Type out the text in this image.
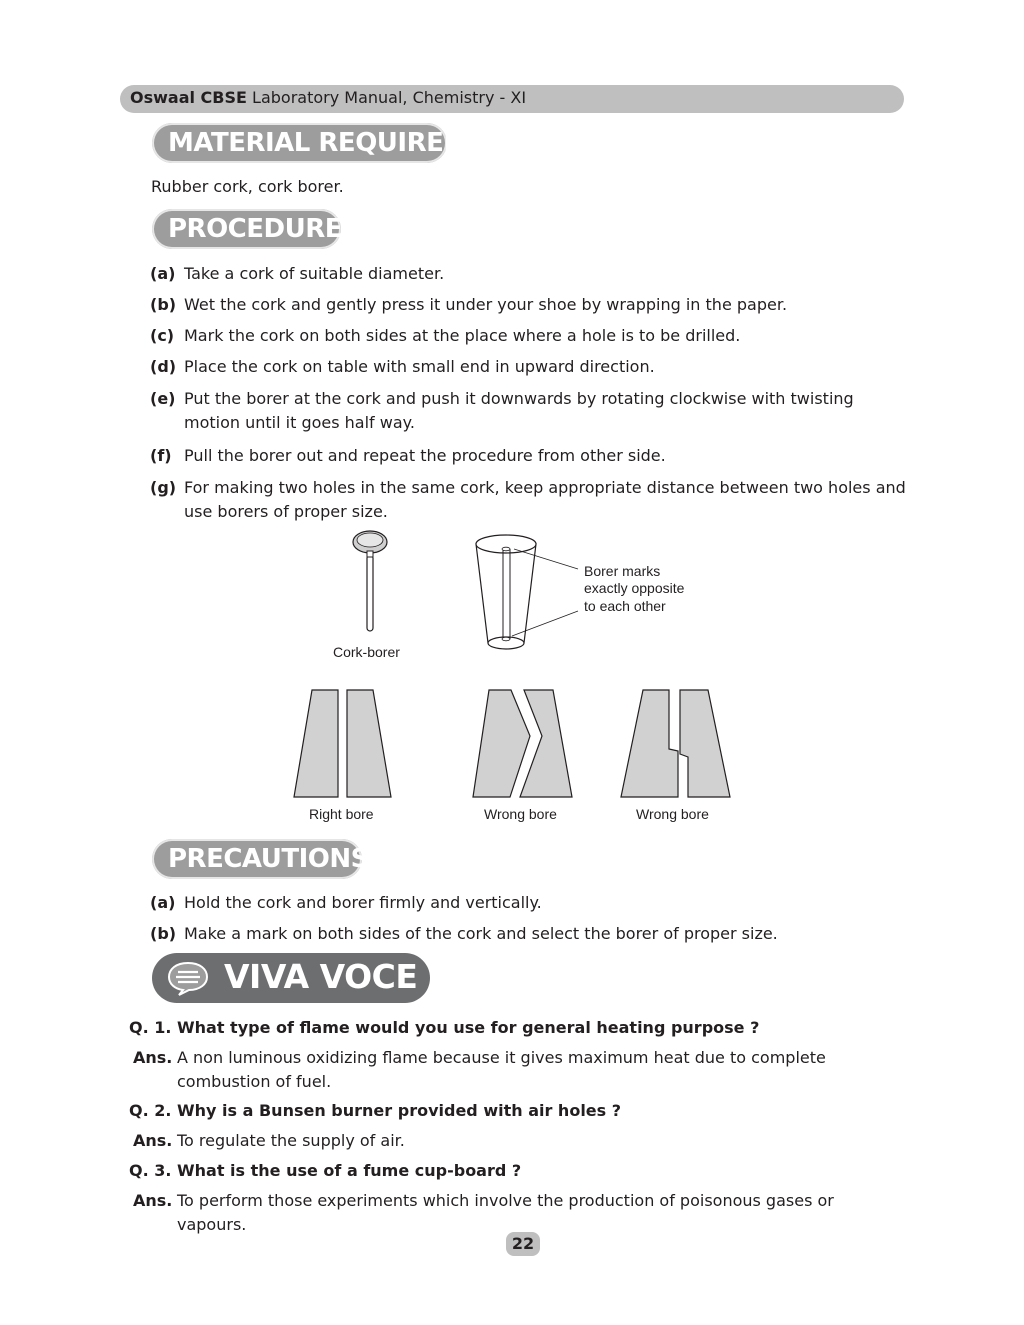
Oswaal CBSE Laboratory Manual, Chemistry - XI
MATERIAL REQUIRED
Rubber cork, cork borer.
PROCEDURE
(a) Take a cork of suitable diameter.
(b) Wet the cork and gently press it under your shoe by wrapping in the paper.
(c) Mark the cork on both sides at the place where a hole is to be drilled.
(d) Place the cork on table with small end in upward direction.
(e) Put the borer at the cork and push it downwards by rotating clockwise with twisting motion until it goes half way.
(f) Pull the borer out and repeat the procedure from other side.
(g) For making two holes in the same cork, keep appropriate distance between two holes and use borers of proper size.
Cork-borer
Borer marks
exactly opposite
to each other
Right bore	Wrong bore	Wrong bore
PRECAUTIONS
(a) Hold the cork and borer firmly and vertically.
(b) Make a mark on both sides of the cork and select the borer of proper size.
VIVA VOCE
Q. 1. What type of flame would you use for general heating purpose ?
Ans. A non luminous oxidizing flame because it gives maximum heat due to complete combustion of fuel.
Q. 2. Why is a Bunsen burner provided with air holes ?
Ans. To regulate the supply of air.
Q. 3. What is the use of a fume cup-board ?
Ans. To perform those experiments which involve the production of poisonous gases or vapours.
22
